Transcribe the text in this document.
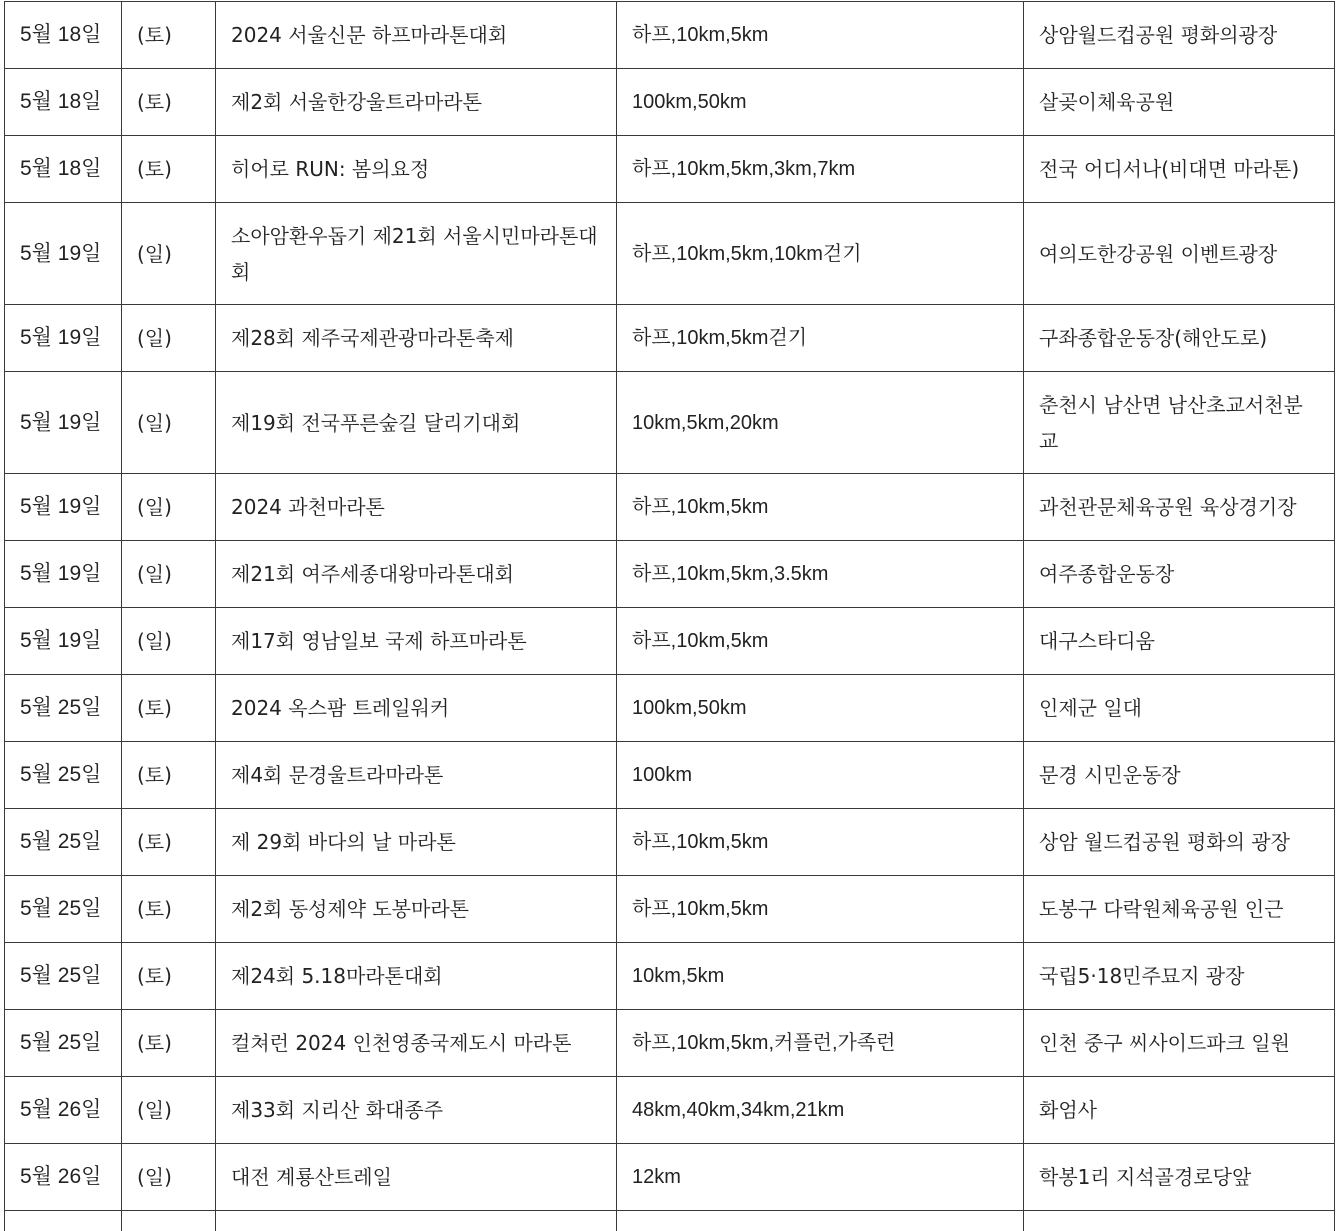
5월 18일	(토)	2024 서울신문 하프마라톤대회	하프,10km,5km	상암월드컵공원 평화의광장
5월 18일	(토)	제2회 서울한강울트라마라톤	100km,50km	살곶이체육공원
5월 18일	(토)	히어로 RUN: 봄의요정	하프,10km,5km,3km,7km	전국 어디서나(비대면 마라톤)
5월 19일	(일)	소아암환우돕기 제21회 서울시민마라톤대회	하프,10km,5km,10km걷기	여의도한강공원 이벤트광장
5월 19일	(일)	제28회 제주국제관광마라톤축제	하프,10km,5km걷기	구좌종합운동장(해안도로)
5월 19일	(일)	제19회 전국푸른숲길 달리기대회	10km,5km,20km	춘천시 남산면 남산초교서천분교
5월 19일	(일)	2024 과천마라톤	하프,10km,5km	과천관문체육공원 육상경기장
5월 19일	(일)	제21회 여주세종대왕마라톤대회	하프,10km,5km,3.5km	여주종합운동장
5월 19일	(일)	제17회 영남일보 국제 하프마라톤	하프,10km,5km	대구스타디움
5월 25일	(토)	2024 옥스팜 트레일워커	100km,50km	인제군 일대
5월 25일	(토)	제4회 문경울트라마라톤	100km	문경 시민운동장
5월 25일	(토)	제 29회 바다의 날 마라톤	하프,10km,5km	상암 월드컵공원 평화의 광장
5월 25일	(토)	제2회 동성제약 도봉마라톤	하프,10km,5km	도봉구 다락원체육공원 인근
5월 25일	(토)	제24회 5.18마라톤대회	10km,5km	국립5·18민주묘지 광장
5월 25일	(토)	컬쳐런 2024 인천영종국제도시 마라톤	하프,10km,5km,커플런,가족런	인천 중구 씨사이드파크 일원
5월 26일	(일)	제33회 지리산 화대종주	48km,40km,34km,21km	화엄사
5월 26일	(일)	대전 계룡산트레일	12km	학봉1리 지석골경로당앞
